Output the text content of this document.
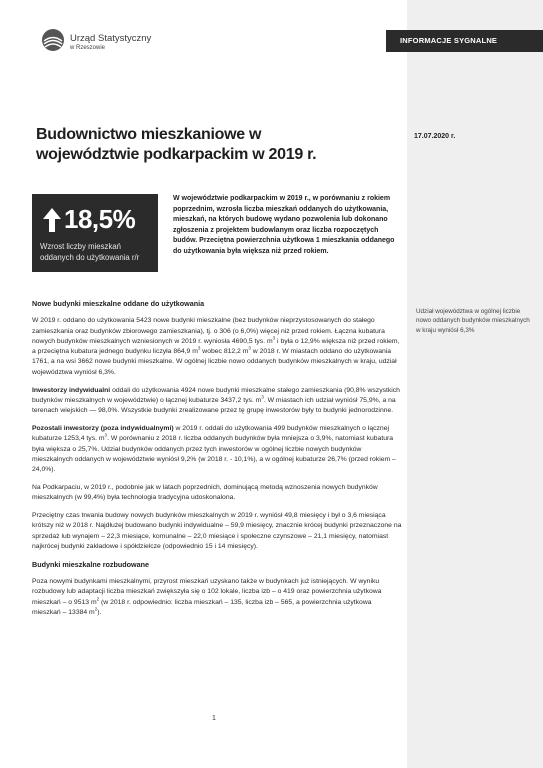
INFORMACJE SYGNALNE
Urząd Statystyczny
w Rzeszowie
Budownictwo mieszkaniowe w województwie podkarpackim w 2019 r.
17.07.2020 r.
18,5%
Wzrost liczby mieszkań oddanych do użytkowania r/r
W województwie podkarpackim w 2019 r., w porównaniu z rokiem poprzednim, wzrosła liczba mieszkań oddanych do użytkowania, mieszkań, na których budowę wydano pozwolenia lub dokonano zgłoszenia z projektem budowlanym oraz liczba rozpoczętych budów. Przeciętna powierzchnia użytkowa 1 mieszkania oddanego do użytkowania była większa niż przed rokiem.
Nowe budynki mieszkalne oddane do użytkowania

W 2019 r. oddano do użytkowania 5423 nowe budynki mieszkalne (bez budynków nieprzystosowanych do stałego zamieszkania oraz budynków zbiorowego zamieszkania), tj. o 306 (o 6,0%) więcej niż przed rokiem. Łączna kubatura nowych budynków mieszkalnych wzniesionych w 2019 r. wyniosła 4690,5 tys. $m^3$ i była o 12,9% większa niż przed rokiem, a przeciętna kubatura jednego budynku liczyła 864,9 $m^3$ wobec 812,2 $m^3$ w 2018 r. W miastach oddano do użytkowania 1761, a na wsi 3662 nowe budynki mieszkalne. W ogólnej liczbie nowo oddanych budynków mieszkalnych w kraju, udział województwa wyniósł 6,3%.

Inwestorzy indywidualni oddali do użytkowania 4924 nowe budynki mieszkalne stałego zamieszkania (90,8% wszystkich budynków mieszkalnych w województwie) o łącznej kubaturze 3437,2 tys. $m^3$. W miastach ich udział wyniósł 75,9%, a na terenach wiejskich — 98,0%. Wszystkie budynki zrealizowane przez tę grupę inwestorów były to budynki jednorodzinne.

Pozostali inwestorzy (poza indywidualnymi) w 2019 r. oddali do użytkowania 499 budynków mieszkalnych o łącznej kubaturze 1253,4 tys. $m^3$. W porównaniu z 2018 r. liczba oddanych budynków była mniejsza o 3,9%, natomiast kubatura była większa o 25,7%. Udział budynków oddanych przez tych inwestorów w ogólnej liczbie nowych budynków mieszkalnych oddanych w województwie wyniósł 9,2% (w 2018 r. - 10,1%), a w ogólnej kubaturze 26,7% (przed rokiem – 24,0%).

Na Podkarpaciu, w 2019 r., podobnie jak w latach poprzednich, dominującą metodą wznoszenia nowych budynków mieszkalnych (w 99,4%) była technologia tradycyjna udoskonalona.

Przeciętny czas trwania budowy nowych budynków mieszkalnych w 2019 r. wyniósł 49,8 miesięcy i był o 3,6 miesiąca krótszy niż w 2018 r. Najdłużej budowano budynki indywidualne – 59,9 miesięcy, znacznie krócej budynki przeznaczone na sprzedaż lub wynajem – 22,3 miesiące, komunalne – 22,0 miesiące i społeczne czynszowe – 21,1 miesięcy, natomiast najkrócej budynki zakładowe i spółdzielcze (odpowiednio 15 i 14 miesięcy).

Budynki mieszkalne rozbudowane

Poza nowymi budynkami mieszkalnymi, przyrost mieszkań uzyskano także w budynkach już istniejących. W wyniku rozbudowy lub adaptacji liczba mieszkań zwiększyła się o 102 lokale, liczba izb – o 419 oraz powierzchnia użytkowa mieszkań – o 9513 $m^2$ (w 2018 r. odpowiednio: liczba mieszkań – 135, liczba izb – 565, a powierzchnia użytkowa mieszkań – 13384 $m^2$).

Udział województwa w ogólnej liczbie nowo oddanych budynków mieszkalnych w kraju wyniósł 6,3%
1
